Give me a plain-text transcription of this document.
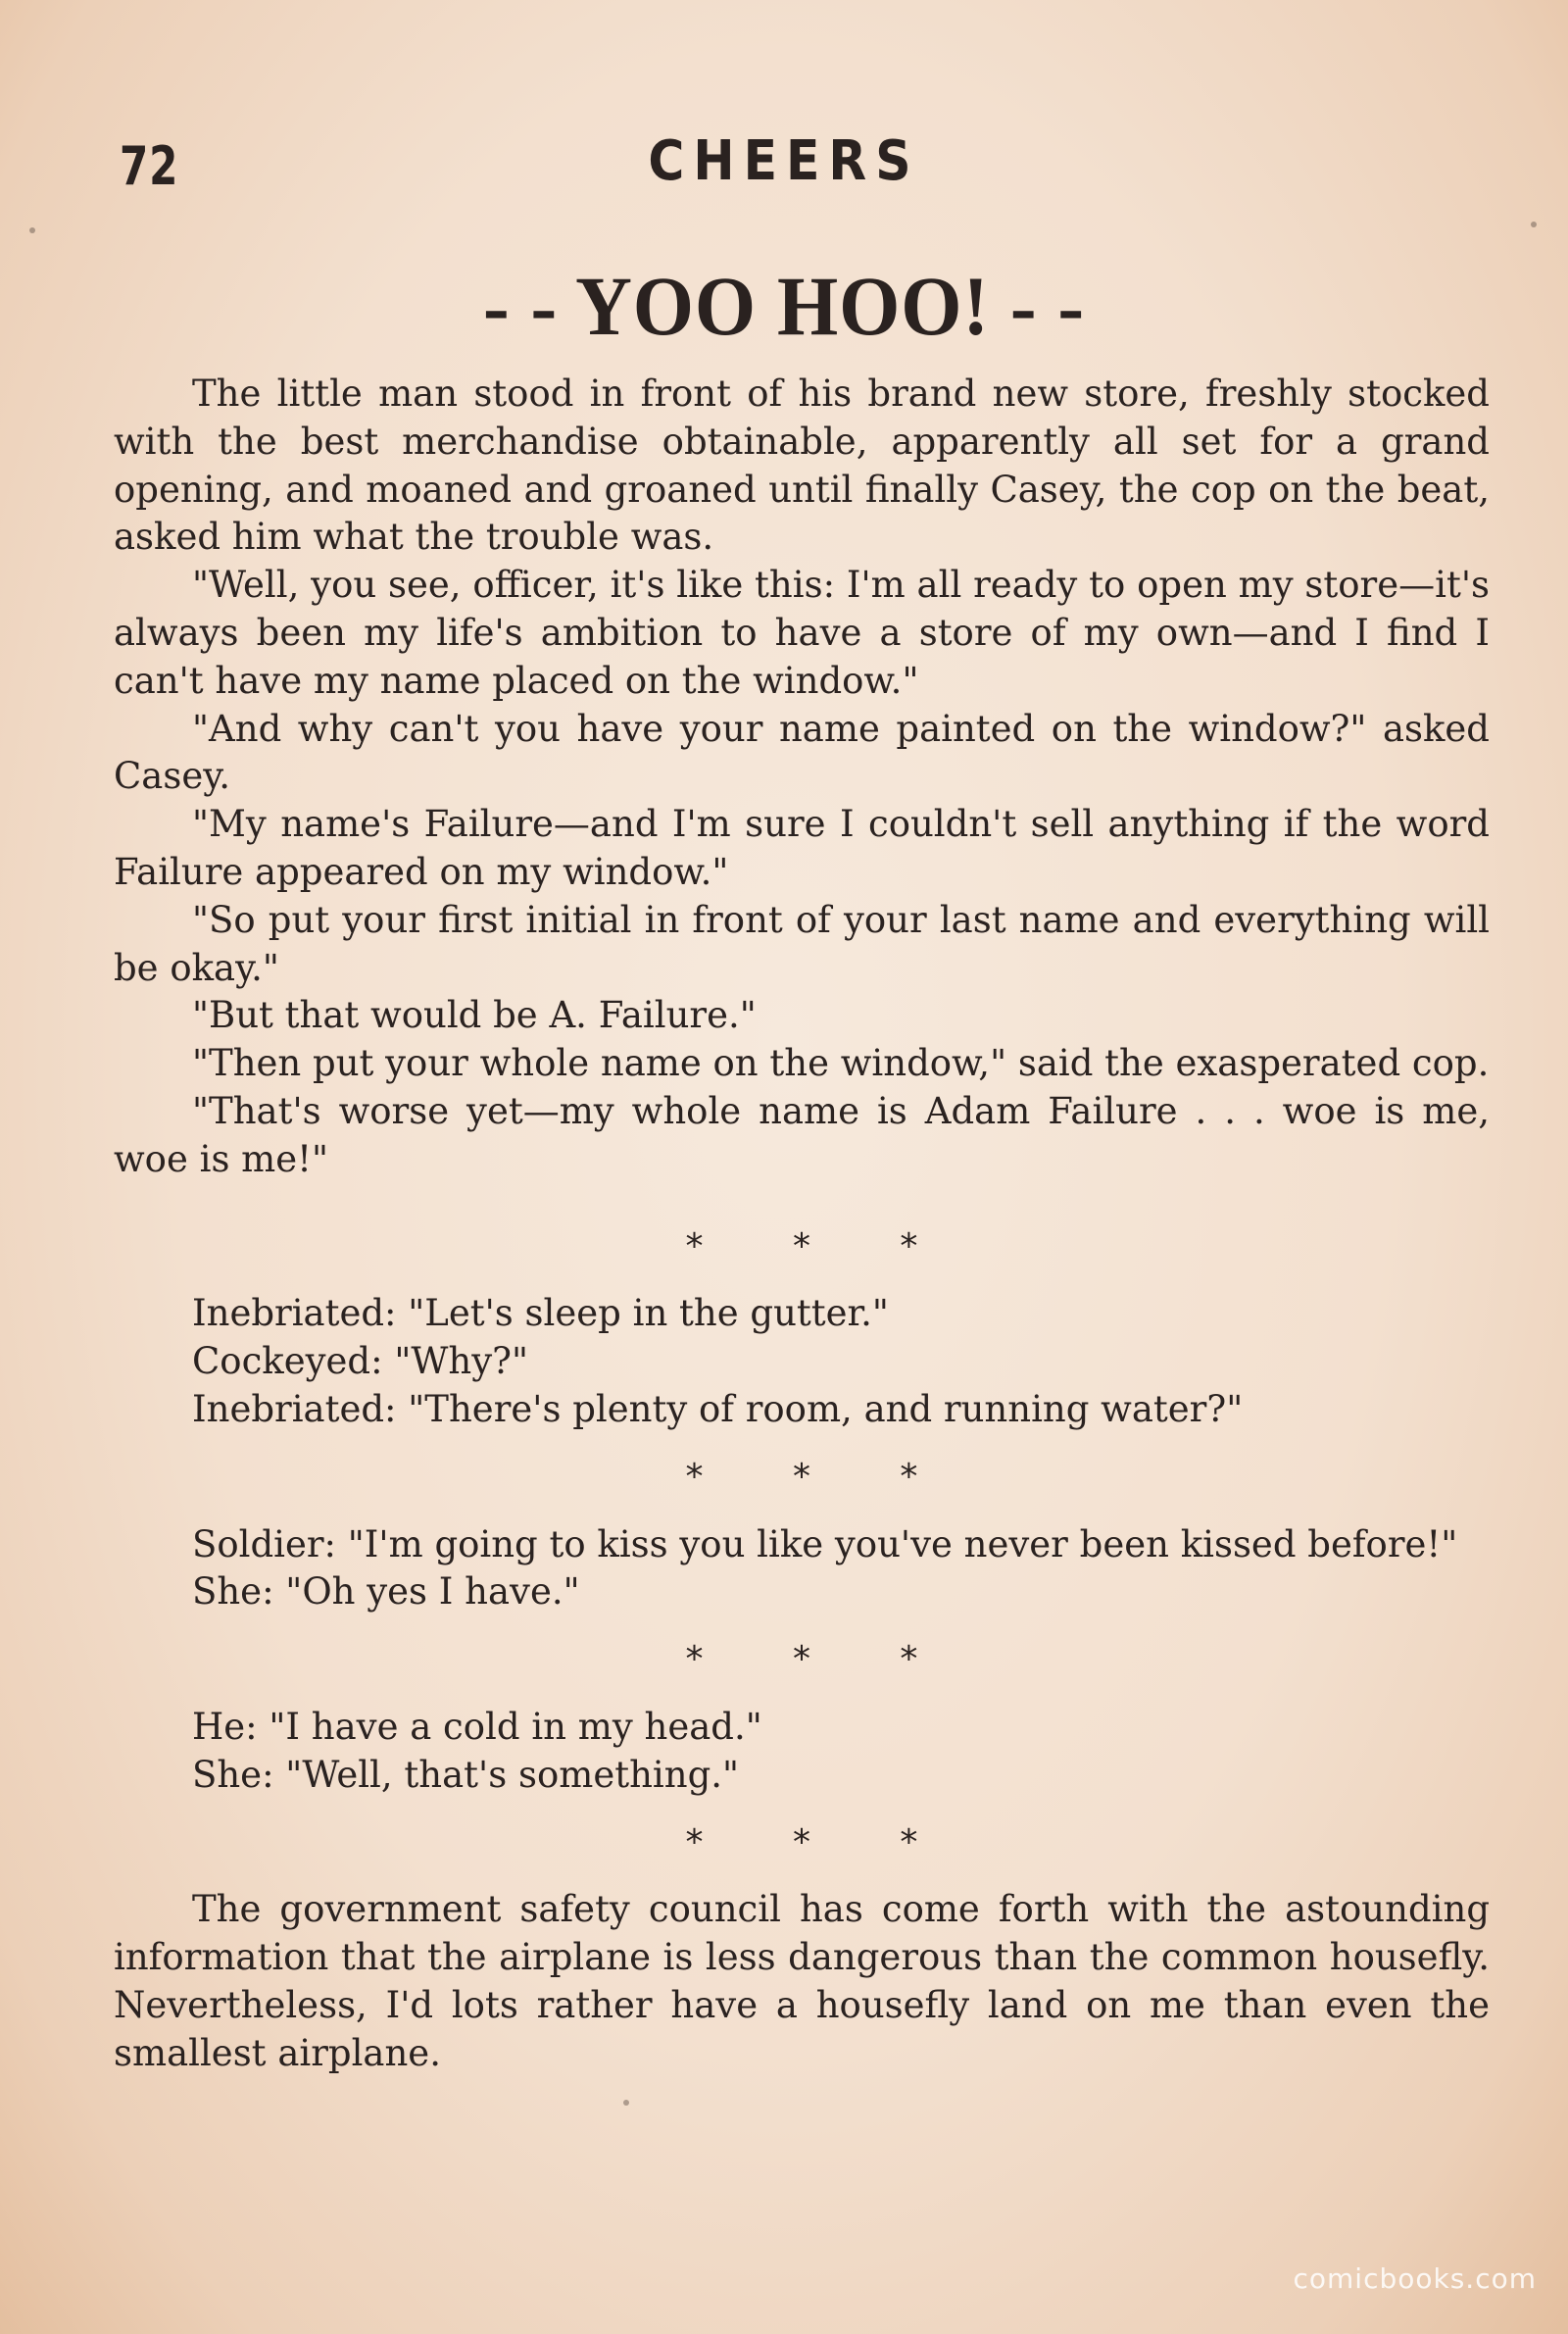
72	CHEERS
- - YOO HOO! - -

The little man stood in front of his brand new store, freshly stocked with the best merchandise obtainable, apparently all set for a grand opening, and moaned and groaned until finally Casey, the cop on the beat, asked him what the trouble was.

"Well, you see, officer, it's like this: I'm all ready to open my store—it's always been my life's ambition to have a store of my own—and I find I can't have my name placed on the window."

"And why can't you have your name painted on the window?" asked Casey.

"My name's Failure—and I'm sure I couldn't sell anything if the word Failure appeared on my window."

"So put your first initial in front of your last name and everything will be okay."

"But that would be A. Failure."

"Then put your whole name on the window," said the exasperated cop.

"That's worse yet—my whole name is Adam Failure . . . woe is me, woe is me!"

* * *

Inebriated: "Let's sleep in the gutter."

Cockeyed: "Why?"

Inebriated: "There's plenty of room, and running water?"

* * *

Soldier: "I'm going to kiss you like you've never been kissed before!"

She: "Oh yes I have."

* * *

He: "I have a cold in my head."

She: "Well, that's something."

* * *

The government safety council has come forth with the astounding information that the airplane is less dangerous than the common housefly. Nevertheless, I'd lots rather have a housefly land on me than even the smallest airplane.

comicbooks.com
